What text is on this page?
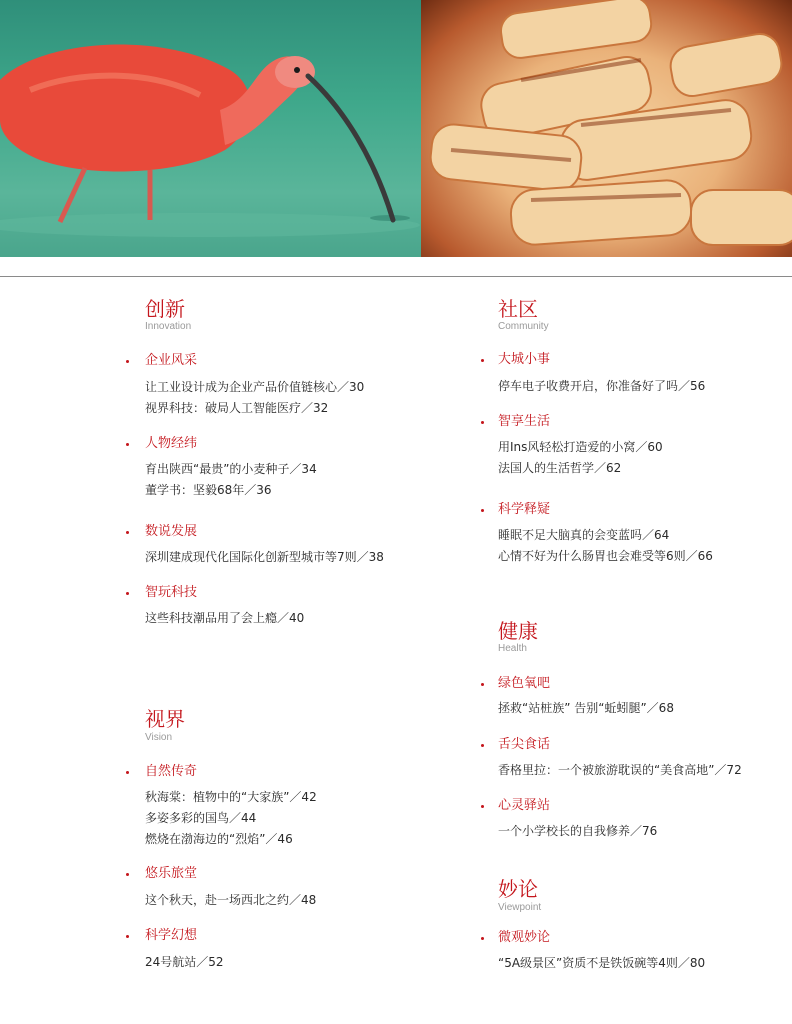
创新
Innovation
企业风采
让工业设计成为企业产品价值链核心／30
视界科技：破局人工智能医疗／32
人物经纬
育出陕西“最贵”的小麦种子／34
董学书：坚毅68年／36
数说发展
深圳建成现代化国际化创新型城市等7则／38
智玩科技
这些科技潮品用了会上瘾／40
视界
Vision
自然传奇
秋海棠：植物中的“大家族”／42
多姿多彩的国鸟／44
燃烧在渤海边的“烈焰”／46
悠乐旅堂
这个秋天，赴一场西北之约／48
科学幻想
24号航站／52
社区
Community
大城小事
停车电子收费开启，你准备好了吗／56
智享生活
用Ins风轻松打造爱的小窝／60
法国人的生活哲学／62
科学释疑
睡眠不足大脑真的会变蓝吗／64
心情不好为什么肠胃也会难受等6则／66
健康
Health
绿色氧吧
拯救“站桩族” 告别“蚯蚓腿”／68
舌尖食话
香格里拉：一个被旅游耽误的“美食高地”／72
心灵驿站
一个小学校长的自我修养／76
妙论
Viewpoint
微观妙论
“5A级景区”资质不是铁饭碗等4则／80
